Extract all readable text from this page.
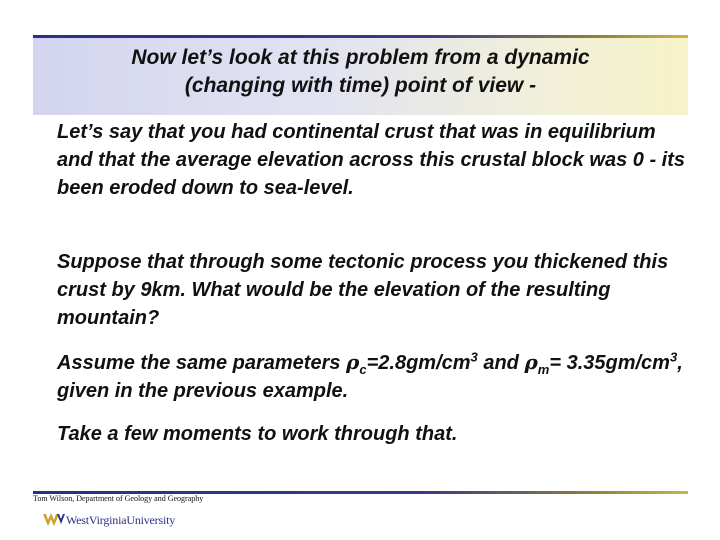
Now let’s look at this problem from a dynamic
(changing with time) point of view -

Let’s say that you had continental crust that was in equilibrium and that the average elevation across this crustal block was 0 - its been eroded down to sea-level.

Suppose that through some tectonic process you thickened this crust by 9km. What would be the elevation of the resulting mountain?

Assume the same parameters $\rho_c=2.8gm/cm^3$ and $\rho_m= 3.35gm/cm^3$, given in the previous example.

Take a few moments to work through that.

Tom Wilson, Department of Geology and Geography
WestVirginiaUniversity
